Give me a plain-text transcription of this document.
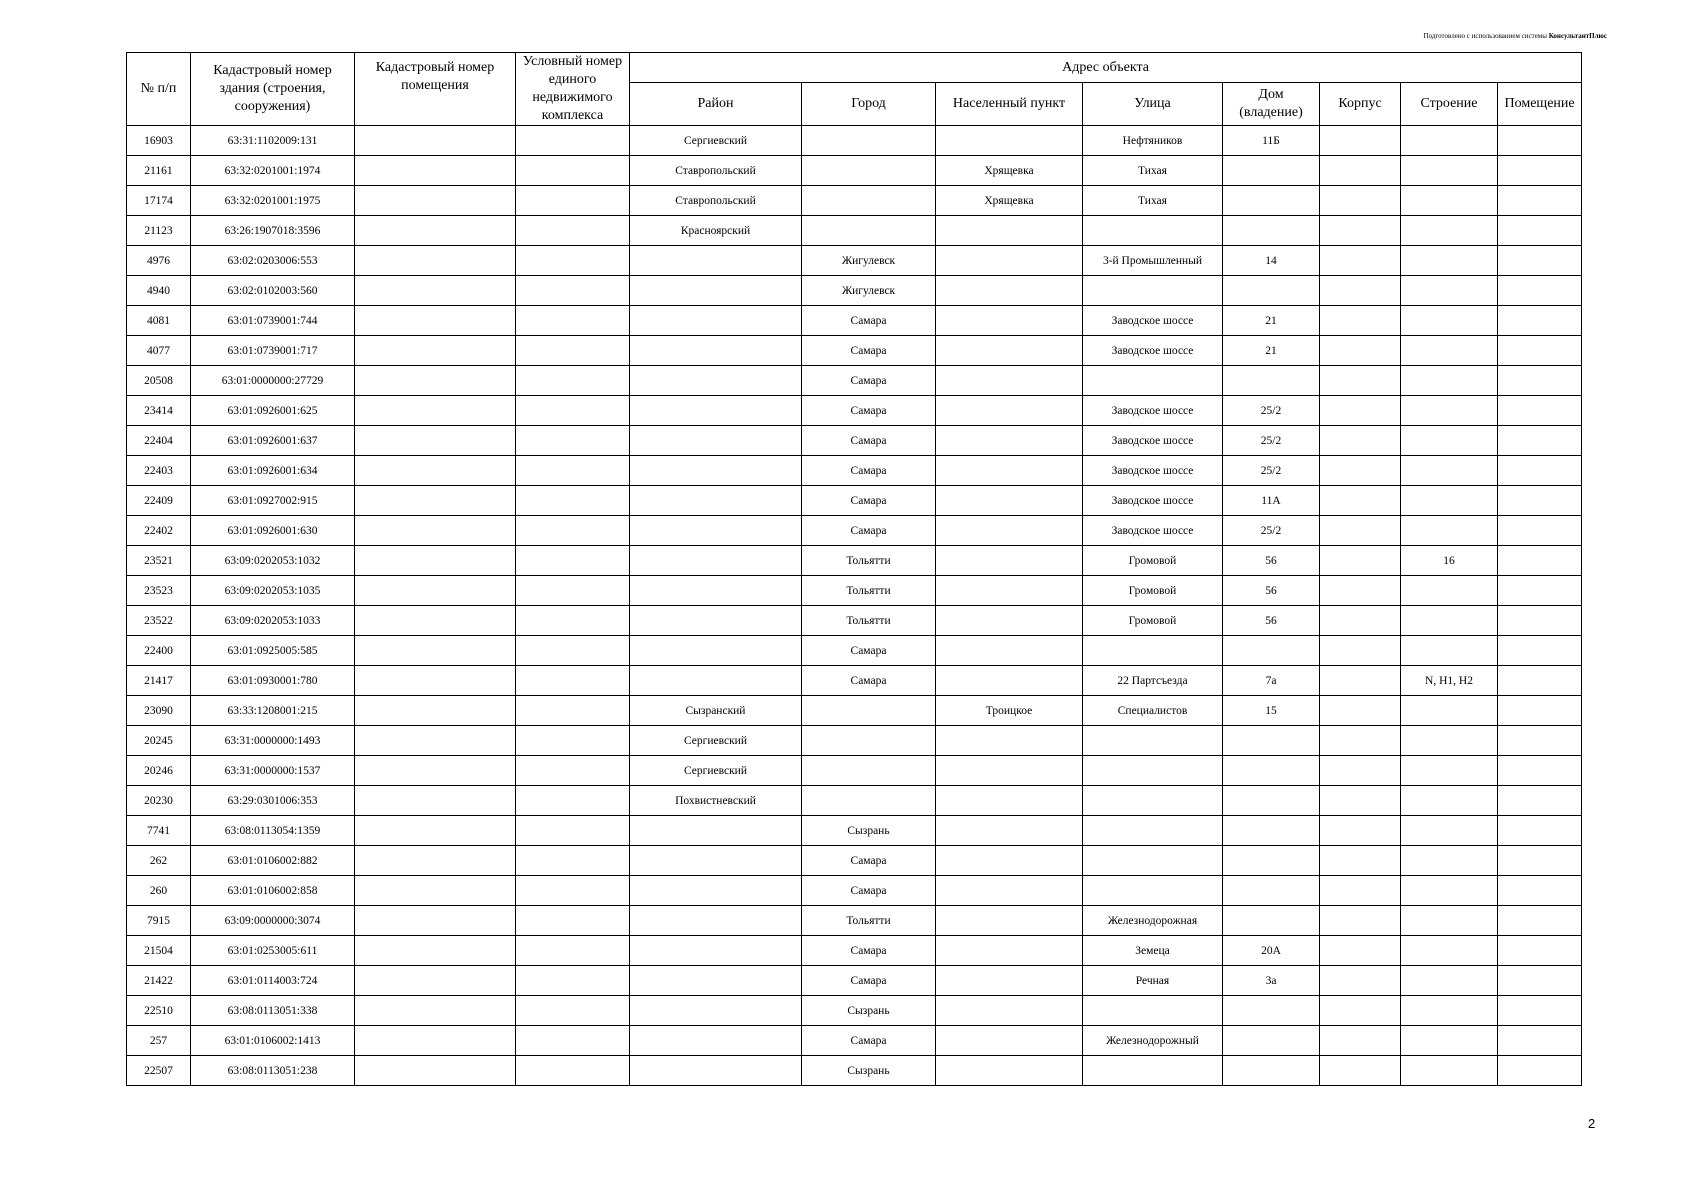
Подготовлено с использованием системы КонсультантПлюс
№ п/п	Кадастровый номер здания (строения, сооружения)	Кадастровый номер помещения	Условный номер единого недвижимого комплекса	Адрес объекта							
				Район	Город	Населенный пункт	Улица	Дом (владение)	Корпус	Строение	Помещение
16903	63:31:1102009:131			Сергиевский			Нефтяников	11Б			
21161	63:32:0201001:1974			Ставропольский		Хрящевка	Тихая				
17174	63:32:0201001:1975			Ставропольский		Хрящевка	Тихая				
21123	63:26:1907018:3596			Красноярский							
4976	63:02:0203006:553				Жигулевск		3-й Промышленный	14			
4940	63:02:0102003:560				Жигулевск						
4081	63:01:0739001:744				Самара		Заводское шоссе	21			
4077	63:01:0739001:717				Самара		Заводское шоссе	21			
20508	63:01:0000000:27729				Самара						
23414	63:01:0926001:625				Самара		Заводское шоссе	25/2			
22404	63:01:0926001:637				Самара		Заводское шоссе	25/2			
22403	63:01:0926001:634				Самара		Заводское шоссе	25/2			
22409	63:01:0927002:915				Самара		Заводское шоссе	11А			
22402	63:01:0926001:630				Самара		Заводское шоссе	25/2			
23521	63:09:0202053:1032				Тольятти		Громовой	56		16	
23523	63:09:0202053:1035				Тольятти		Громовой	56			
23522	63:09:0202053:1033				Тольятти		Громовой	56			
22400	63:01:0925005:585				Самара						
21417	63:01:0930001:780				Самара		22 Партсъезда	7а		N, H1, H2	
23090	63:33:1208001:215			Сызранский		Троицкое	Специалистов	15			
20245	63:31:0000000:1493			Сергиевский							
20246	63:31:0000000:1537			Сергиевский							
20230	63:29:0301006:353			Похвистневский							
7741	63:08:0113054:1359				Сызрань						
262	63:01:0106002:882				Самара						
260	63:01:0106002:858				Самара						
7915	63:09:0000000:3074				Тольятти		Железнодорожная				
21504	63:01:0253005:611				Самара		Земеца	20А			
21422	63:01:0114003:724				Самара		Речная	3а			
22510	63:08:0113051:338				Сызрань						
257	63:01:0106002:1413				Самара		Железнодорожный				
22507	63:08:0113051:238				Сызрань						
2
